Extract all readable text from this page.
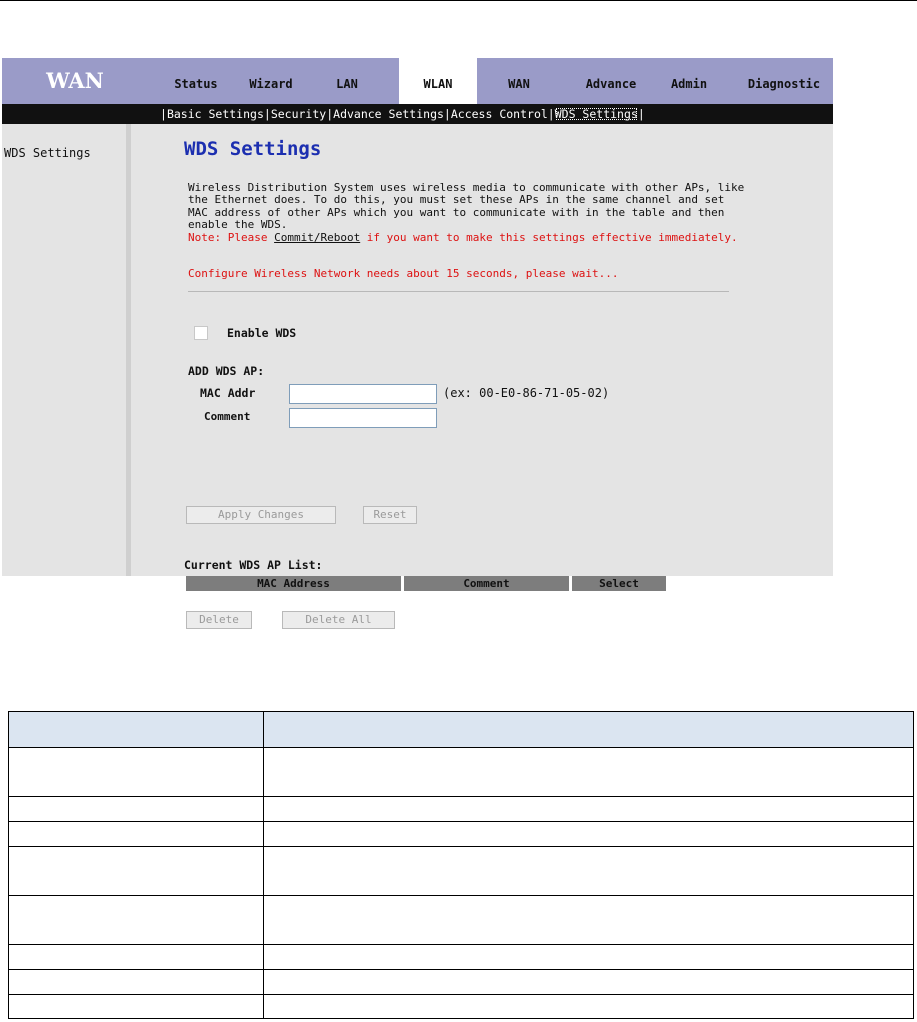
WAN	Status	Wizard	LAN	WLAN	WAN	Advance	Admin	Diagnostic

|Basic Settings|Security|Advance Settings|Access Control|WDS Settings|

WDS Settings	WDS Settings
Wireless Distribution System uses wireless media to communicate with other APs, like the Ethernet does. To do this, you must set these APs in the same channel and set MAC address of other APs which you want to communicate with in the table and then enable the WDS.
Note: Please Commit/Reboot if you want to make this settings effective immediately.
Configure Wireless Network needs about 15 seconds, please wait...
Enable WDS
ADD WDS AP:
MAC Addr	(ex: 00-E0-86-71-05-02)
Comment
Apply Changes	Reset
Current WDS AP List:
MAC Address	Comment	Select
Delete	Delete All
